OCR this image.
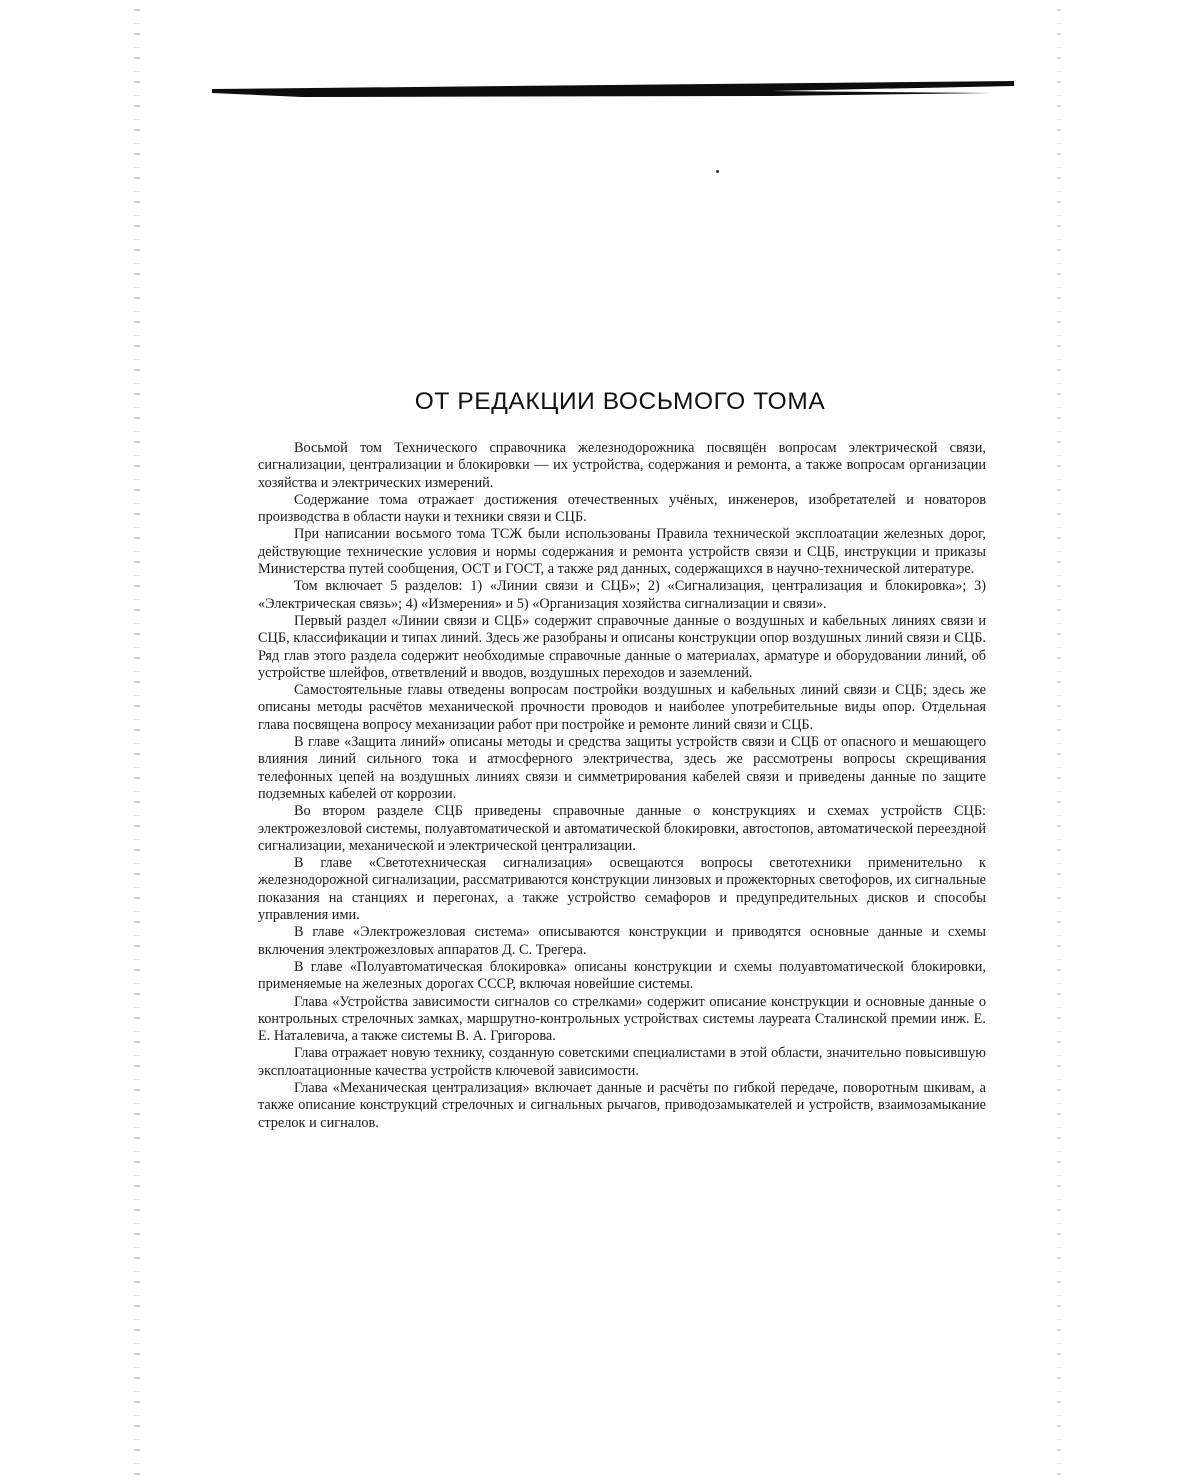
ОТ РЕДАКЦИИ ВОСЬМОГО ТОМА

Восьмой том Технического справочника железнодорожника посвящён вопросам электрической связи, сигнализации, централизации и блокировки — их устройства, содержания и ремонта, а также вопросам организации хозяйства и электрических измерений.

Содержание тома отражает достижения отечественных учёных, инженеров, изобретателей и новаторов производства в области науки и техники связи и СЦБ.

При написании восьмого тома ТСЖ были использованы Правила технической эксплоатации железных дорог, действующие технические условия и нормы содержания и ремонта устройств связи и СЦБ, инструкции и приказы Министерства путей сообщения, ОСТ и ГОСТ, а также ряд данных, содержащихся в научно-технической литературе.

Том включает 5 разделов: 1) «Линии связи и СЦБ»; 2) «Сигнализация, централизация и блокировка»; 3) «Электрическая связь»; 4) «Измерения» и 5) «Организация хозяйства сигнализации и связи».

Первый раздел «Линии связи и СЦБ» содержит справочные данные о воздушных и кабельных линиях связи и СЦБ, классификации и типах линий. Здесь же разобраны и описаны конструкции опор воздушных линий связи и СЦБ. Ряд глав этого раздела содержит необходимые справочные данные о материалах, арматуре и оборудовании линий, об устройстве шлейфов, ответвлений и вводов, воздушных переходов и заземлений.

Самостоятельные главы отведены вопросам постройки воздушных и кабельных линий связи и СЦБ; здесь же описаны методы расчётов механической прочности проводов и наиболее употребительные виды опор. Отдельная глава посвящена вопросу механизации работ при постройке и ремонте линий связи и СЦБ.

В главе «Защита линий» описаны методы и средства защиты устройств связи и СЦБ от опасного и мешающего влияния линий сильного тока и атмосферного электричества, здесь же рассмотрены вопросы скрещивания телефонных цепей на воздушных линиях связи и симметрирования кабелей связи и приведены данные по защите подземных кабелей от коррозии.

Во втором разделе СЦБ приведены справочные данные о конструкциях и схемах устройств СЦБ: электрожезловой системы, полуавтоматической и автоматической блокировки, автостопов, автоматической переездной сигнализации, механической и электрической централизации.

В главе «Светотехническая сигнализация» освещаются вопросы светотехники применительно к железнодорожной сигнализации, рассматриваются конструкции линзовых и прожекторных светофоров, их сигнальные показания на станциях и перегонах, а также устройство семафоров и предупредительных дисков и способы управления ими.

В главе «Электрожезловая система» описываются конструкции и приводятся основные данные и схемы включения электрожезловых аппаратов Д. С. Трегера.

В главе «Полуавтоматическая блокировка» описаны конструкции и схемы полуавтоматической блокировки, применяемые на железных дорогах СССР, включая новейшие системы.

Глава «Устройства зависимости сигналов со стрелками» содержит описание конструкции и основные данные о контрольных стрелочных замках, маршрутно-контрольных устройствах системы лауреата Сталинской премии инж. Е. Е. Наталевича, а также системы В. А. Григорова.

Глава отражает новую технику, созданную советскими специалистами в этой области, значительно повысившую эксплоатационные качества устройств ключевой зависимости.

Глава «Механическая централизация» включает данные и расчёты по гибкой передаче, поворотным шкивам, а также описание конструкций стрелочных и сигнальных рычагов, приводозамыкателей и устройств, взаимозамыкание стрелок и сигналов.
